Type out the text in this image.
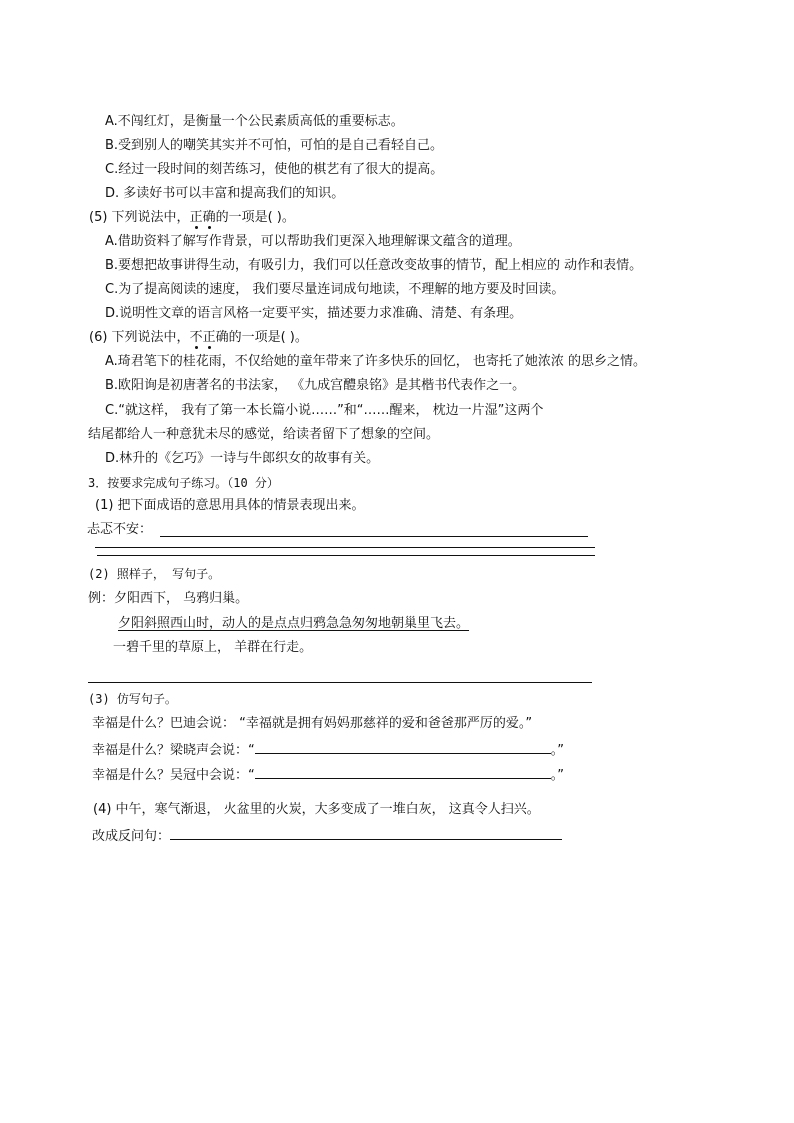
A.不闯红灯，是衡量一个公民素质高低的重要标志。
B.受到别人的嘲笑其实并不可怕，可怕的是自己看轻自己。
C.经过一段时间的刻苦练习，使他的棋艺有了很大的提高。
D. 多读好书可以丰富和提高我们的知识。
(5) 下列说法中，正确的一项是( )。
A.借助资料了解写作背景，可以帮助我们更深入地理解课文蕴含的道理。
B.要想把故事讲得生动，有吸引力，我们可以任意改变故事的情节，配上相应的 动作和表情。
C.为了提高阅读的速度， 我们要尽量连词成句地读，不理解的地方要及时回读。
D.说明性文章的语言风格一定要平实，描述要力求准确、清楚、有条理。
(6) 下列说法中，不正确的一项是( )。
A.琦君笔下的桂花雨，不仅给她的童年带来了许多快乐的回忆， 也寄托了她浓浓 的思乡之情。
B.欧阳询是初唐著名的书法家， 《九成宫醴泉铭》是其楷书代表作之一。
C.“就这样， 我有了第一本长篇小说……”和“……醒来， 枕边一片湿”这两个
结尾都给人一种意犹未尽的感觉，给读者留下了想象的空间。
D.林升的《乞巧》一诗与牛郎织女的故事有关。
3．按要求完成句子练习。（10 分）
(1) 把下面成语的意思用具体的情景表现出来。
忐忑不安：
(2) 照样子， 写句子。
例：夕阳西下， 乌鸦归巢。
夕阳斜照西山时，动人的是点点归鸦急急匆匆地朝巢里飞去。
一碧千里的草原上， 羊群在行走。
(3) 仿写句子。
幸福是什么？巴迪会说： “幸福就是拥有妈妈那慈祥的爱和爸爸那严厉的爱。”
幸福是什么？梁晓声会说：“	。”
幸福是什么？吴冠中会说：“	。”
(4) 中午，寒气渐退， 火盆里的火炭，大多变成了一堆白灰， 这真令人扫兴。
改成反问句：
